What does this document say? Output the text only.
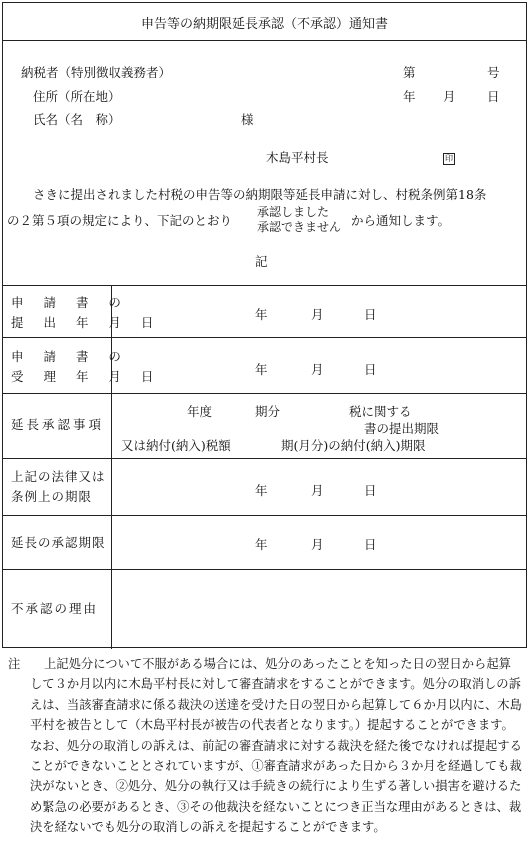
申告等の納期限延長承認（不承認）通知書
納税者（特別徴収義務者）
住所（所在地）
氏名（名　称）	様
第	号
年 月	日
木島平村長	印
さきに提出されました村税の申告等の納期限等延長申請に対し、村税条例第18条
の２第５項の規定により、下記のとおり
承認しました
承認できません から通知します。
記
申 請 書 の
提 出 年 月 日
年	月	日
申 請 書 の
受 理 年 月 日	年	月	日
延長承認事項
年度	期分	税に関する
書の提出期限
又は納付(納入)税額	期(月分)の納付(納入)期限
上記の法律又は
条例上の期限	年	月	日
延長の承認期限	年	月	日
不承認の理由
注	上記処分について不服がある場合には、処分のあったことを知った日の翌日から起算して３か月以内に木島平村長に対して審査請求をすることができます。処分の取消しの訴えは、当該審査請求に係る裁決の送達を受けた日の翌日から起算して６か月以内に、木島平村を被告として（木島平村長が被告の代表者となります。）提起することができます。なお、処分の取消しの訴えは、前記の審査請求に対する裁決を経た後でなければ提起することができないこととされていますが、①審査請求があった日から３か月を経過しても裁決がないとき、②処分、処分の執行又は手続きの続行により生ずる著しい損害を避けるため緊急の必要があるとき、③その他裁決を経ないことにつき正当な理由があるときは、裁決を経ないでも処分の取消しの訴えを提起することができます。
